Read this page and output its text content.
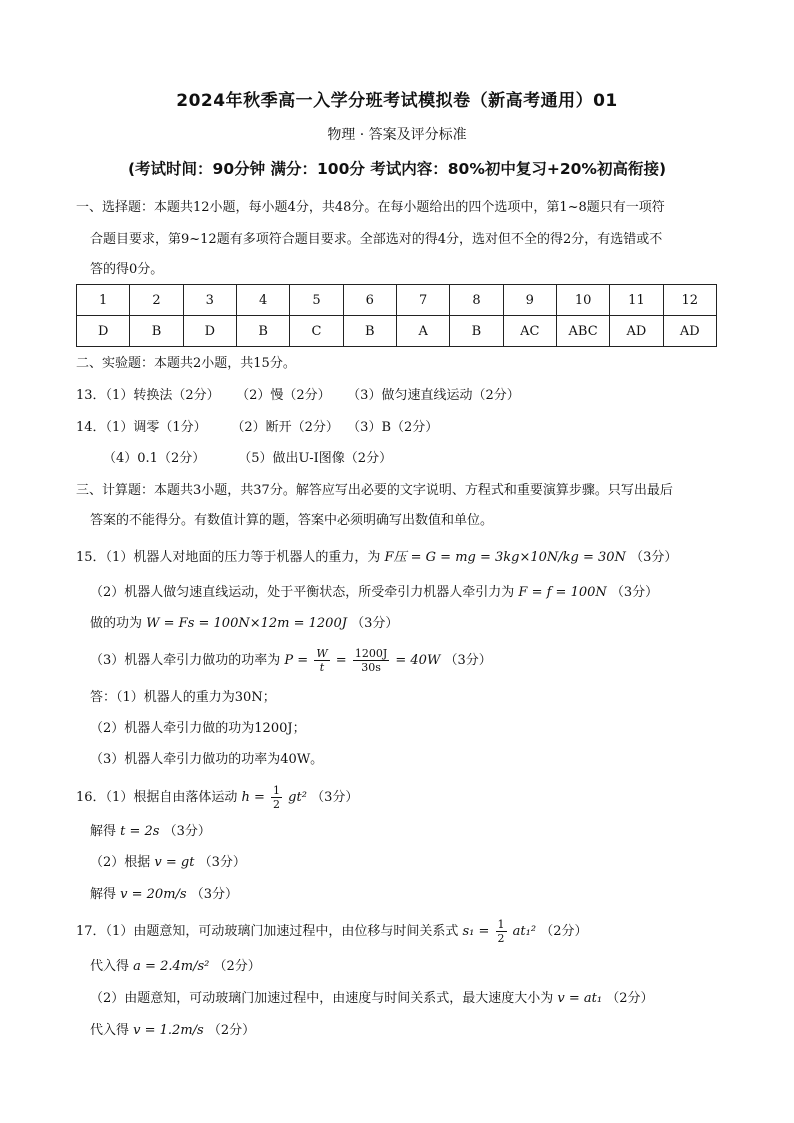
2024年秋季高一入学分班考试模拟卷（新高考通用）01
物理 · 答案及评分标准
(考试时间：90分钟 满分：100分 考试内容：80%初中复习+20%初高衔接)
一、选择题：本题共12小题，每小题4分，共48分。在每小题给出的四个选项中，第1~8题只有一项符
合题目要求，第9~12题有多项符合题目要求。全部选对的得4分，选对但不全的得2分，有选错或不
答的得0分。
1	2	3	4	5	6	7	8	9	10	11	12
D	B	D	B	C	B	A	B	AC	ABC	AD	AD
二、实验题：本题共2小题，共15分。
13．（1）转换法（2分）    （2）慢（2分）    （3）做匀速直线运动（2分）
14．（1）调零（1分）      （2）断开（2分）  （3）B（2分）
（4）0.1（2分）        （5）做出U-I图像（2分）
三、计算题：本题共3小题，共37分。解答应写出必要的文字说明、方程式和重要演算步骤。只写出最后
答案的不能得分。有数值计算的题，答案中必须明确写出数值和单位。
15．（1）机器人对地面的压力等于机器人的重力，为 F压 = G = mg = 3kg×10N/kg = 30N （3分）
（2）机器人做匀速直线运动，处于平衡状态，所受牵引力机器人牵引力为 F = f = 100N （3分）
做的功为 W = Fs = 100N×12m = 1200J （3分）
（3）机器人牵引力做功的功率为 $P = \frac{W}{t} = \frac{1200J}{30s} = 40W$ （3分）
答：（1）机器人的重力为30N；
（2）机器人牵引力做的功为1200J；
（3）机器人牵引力做功的功率为40W。
16．（1）根据自由落体运动 $h = \frac{1}{2} gt^2$ （3分）
解得 t = 2s （3分）
（2）根据 v = gt （3分）
解得 v = 20m/s （3分）
17．（1）由题意知，可动玻璃门加速过程中，由位移与时间关系式 $s_1 = \frac{1}{2} at_1^2$ （2分）
代入得 a = 2.4m/s² （2分）
（2）由题意知，可动玻璃门加速过程中，由速度与时间关系式，最大速度大小为 v = at₁ （2分）
代入得 v = 1.2m/s （2分）
